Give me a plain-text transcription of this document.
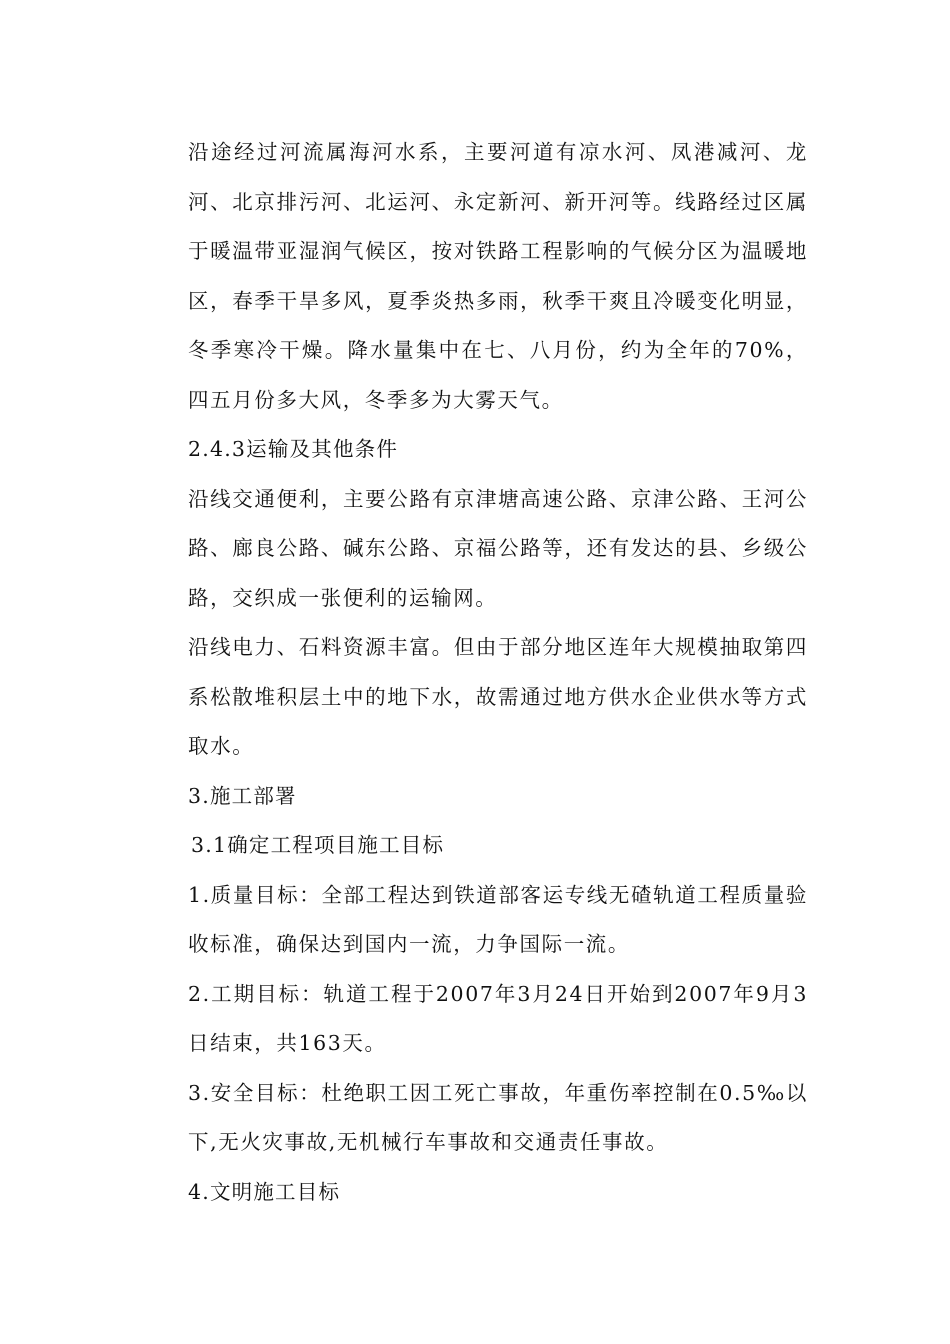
沿途经过河流属海河水系，主要河道有凉水河、凤港减河、龙河、北京排污河、北运河、永定新河、新开河等。线路经过区属于暖温带亚湿润气候区，按对铁路工程影响的气候分区为温暖地区，春季干旱多风，夏季炎热多雨，秋季干爽且冷暖变化明显，冬季寒冷干燥。降水量集中在七、八月份，约为全年的70%，四五月份多大风，冬季多为大雾天气。

2.4.3运输及其他条件

沿线交通便利，主要公路有京津塘高速公路、京津公路、王河公路、廊良公路、碱东公路、京福公路等，还有发达的县、乡级公路，交织成一张便利的运输网。

沿线电力、石料资源丰富。但由于部分地区连年大规模抽取第四系松散堆积层土中的地下水，故需通过地方供水企业供水等方式取水。

3.施工部署

3.1确定工程项目施工目标

1.质量目标：全部工程达到铁道部客运专线无碴轨道工程质量验收标准，确保达到国内一流，力争国际一流。

2.工期目标：轨道工程于2007年3月24日开始到2007年9月3日结束，共163天。

3.安全目标：杜绝职工因工死亡事故，年重伤率控制在0.5‰以下,无火灾事故,无机械行车事故和交通责任事故。

4.文明施工目标
